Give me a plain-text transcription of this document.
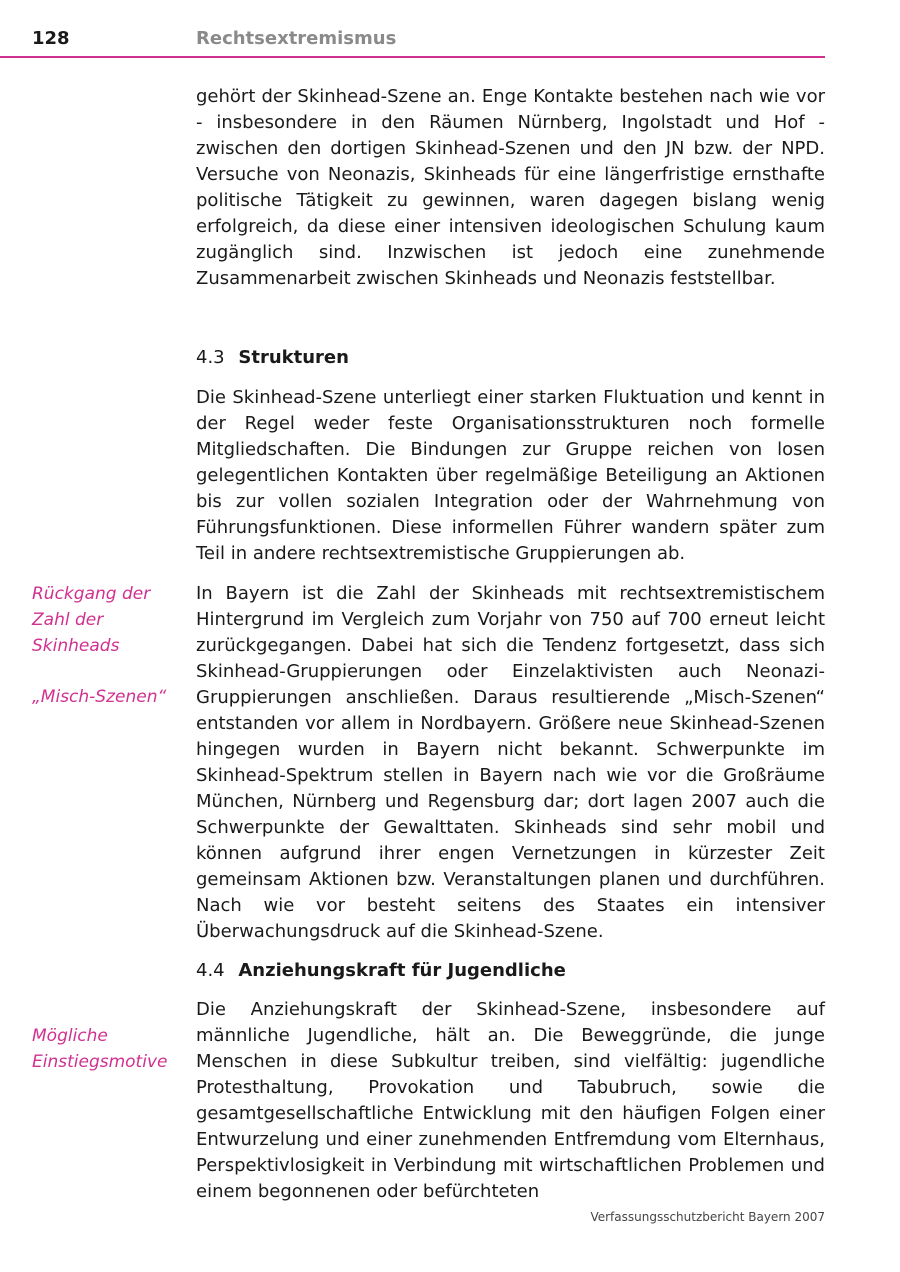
128	Rechtsextremismus

gehört der Skinhead-Szene an. Enge Kontakte bestehen nach wie vor - insbesondere in den Räumen Nürnberg, Ingolstadt und Hof - zwischen den dortigen Skinhead-Szenen und den JN bzw. der NPD. Versuche von Neonazis, Skinheads für eine längerfristige ernsthafte politische Tätigkeit zu gewinnen, waren dagegen bislang wenig erfolgreich, da diese einer intensiven ideologischen Schulung kaum zugänglich sind. Inzwischen ist jedoch eine zunehmende Zusammenarbeit zwischen Skinheads und Neonazis feststellbar.

4.3 Strukturen

Die Skinhead-Szene unterliegt einer starken Fluktuation und kennt in der Regel weder feste Organisationsstrukturen noch formelle Mitgliedschaften. Die Bindungen zur Gruppe reichen von losen gelegentlichen Kontakten über regelmäßige Beteiligung an Aktionen bis zur vollen sozialen Integration oder der Wahrnehmung von Führungsfunktionen. Diese informellen Führer wandern später zum Teil in andere rechtsextremistische Gruppierungen ab.

Rückgang der Zahl der Skinheads
„Misch-Szenen“

In Bayern ist die Zahl der Skinheads mit rechtsextremistischem Hintergrund im Vergleich zum Vorjahr von 750 auf 700 erneut leicht zurückgegangen. Dabei hat sich die Tendenz fortgesetzt, dass sich Skinhead-Gruppierungen oder Einzelaktivisten auch Neonazi-Gruppierungen anschließen. Daraus resultierende „Misch-Szenen“ entstanden vor allem in Nordbayern. Größere neue Skinhead-Szenen hingegen wurden in Bayern nicht bekannt. Schwerpunkte im Skinhead-Spektrum stellen in Bayern nach wie vor die Großräume München, Nürnberg und Regensburg dar; dort lagen 2007 auch die Schwerpunkte der Gewalttaten. Skinheads sind sehr mobil und können aufgrund ihrer engen Vernetzungen in kürzester Zeit gemeinsam Aktionen bzw. Veranstaltungen planen und durchführen. Nach wie vor besteht seitens des Staates ein intensiver Überwachungsdruck auf die Skinhead-Szene.

4.4 Anziehungskraft für Jugendliche
Mögliche Einstiegsmotive

Die Anziehungskraft der Skinhead-Szene, insbesondere auf männliche Jugendliche, hält an. Die Beweggründe, die junge Menschen in diese Subkultur treiben, sind vielfältig: jugendliche Protesthaltung, Provokation und Tabubruch, sowie die gesamtgesellschaftliche Entwicklung mit den häufigen Folgen einer Entwurzelung und einer zunehmenden Entfremdung vom Elternhaus, Perspektivlosigkeit in Verbindung mit wirtschaftlichen Problemen und einem begonnenen oder befürchteten

Verfassungsschutzbericht Bayern 2007
